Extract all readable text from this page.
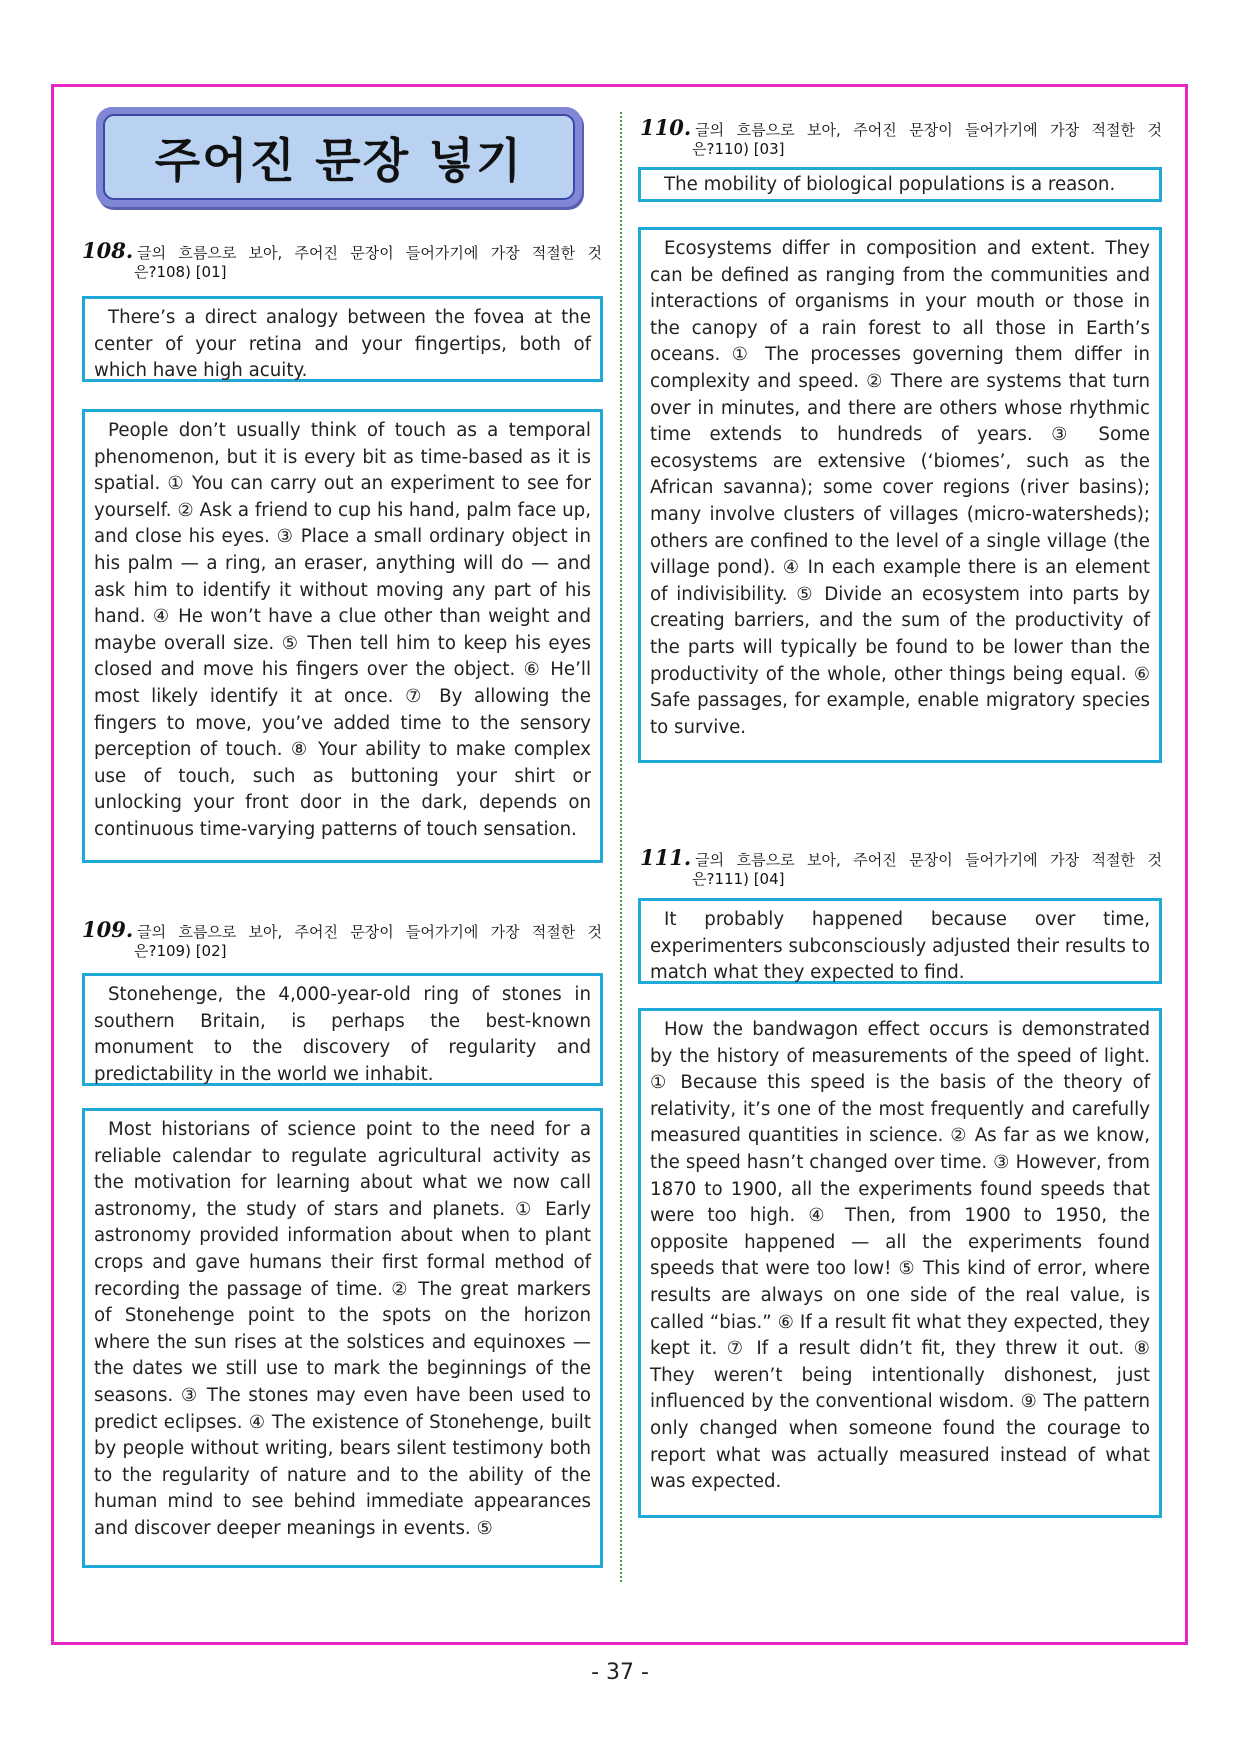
주어진 문장 넣기
108. 글의 흐름으로 보아, 주어진 문장이 들어가기에 가장 적절한 것
은?108) [01]

There’s a direct analogy between the fovea at the center of your retina and your fingertips, both of which have high acuity.

People don’t usually think of touch as a temporal phenomenon, but it is every bit as time-based as it is spatial. ① You can carry out an experiment to see for yourself. ② Ask a friend to cup his hand, palm face up, and close his eyes. ③ Place a small ordinary object in his palm — a ring, an eraser, anything will do — and ask him to identify it without moving any part of his hand. ④ He won’t have a clue other than weight and maybe overall size. ⑤ Then tell him to keep his eyes closed and move his fingers over the object. ⑥ He’ll most likely identify it at once. ⑦ By allowing the fingers to move, you’ve added time to the sensory perception of touch. ⑧ Your ability to make complex use of touch, such as buttoning your shirt or unlocking your front door in the dark, depends on continuous time-varying patterns of touch sensation.

109. 글의 흐름으로 보아, 주어진 문장이 들어가기에 가장 적절한 것
은?109) [02]

Stonehenge, the 4,000-year-old ring of stones in southern Britain, is perhaps the best-known monument to the discovery of regularity and predictability in the world we inhabit.

Most historians of science point to the need for a reliable calendar to regulate agricultural activity as the motivation for learning about what we now call astronomy, the study of stars and planets. ① Early astronomy provided information about when to plant crops and gave humans their first formal method of recording the passage of time. ② The great markers of Stonehenge point to the spots on the horizon where the sun rises at the solstices and equinoxes — the dates we still use to mark the beginnings of the seasons. ③ The stones may even have been used to predict eclipses. ④ The existence of Stonehenge, built by people without writing, bears silent testimony both to the regularity of nature and to the ability of the human mind to see behind immediate appearances and discover deeper meanings in events. ⑤

110. 글의 흐름으로 보아, 주어진 문장이 들어가기에 가장 적절한 것
은?110) [03]

The mobility of biological populations is a reason.

Ecosystems differ in composition and extent. They can be defined as ranging from the communities and interactions of organisms in your mouth or those in the canopy of a rain forest to all those in Earth’s oceans. ① The processes governing them differ in complexity and speed. ② There are systems that turn over in minutes, and there are others whose rhythmic time extends to hundreds of years. ③ Some ecosystems are extensive (‘biomes’, such as the African savanna); some cover regions (river basins); many involve clusters of villages (micro-watersheds); others are confined to the level of a single village (the village pond). ④ In each example there is an element of indivisibility. ⑤ Divide an ecosystem into parts by creating barriers, and the sum of the productivity of the parts will typically be found to be lower than the productivity of the whole, other things being equal. ⑥ Safe passages, for example, enable migratory species to survive.

111. 글의 흐름으로 보아, 주어진 문장이 들어가기에 가장 적절한 것
은?111) [04]

It probably happened because over time, experimenters subconsciously adjusted their results to match what they expected to find.

How the bandwagon effect occurs is demonstrated by the history of measurements of the speed of light. ① Because this speed is the basis of the theory of relativity, it’s one of the most frequently and carefully measured quantities in science. ② As far as we know, the speed hasn’t changed over time. ③ However, from 1870 to 1900, all the experiments found speeds that were too high. ④ Then, from 1900 to 1950, the opposite happened — all the experiments found speeds that were too low! ⑤ This kind of error, where results are always on one side of the real value, is called “bias.” ⑥ If a result fit what they expected, they kept it. ⑦ If a result didn’t fit, they threw it out. ⑧ They weren’t being intentionally dishonest, just influenced by the conventional wisdom. ⑨ The pattern only changed when someone found the courage to report what was actually measured instead of what was expected.

- 37 -
